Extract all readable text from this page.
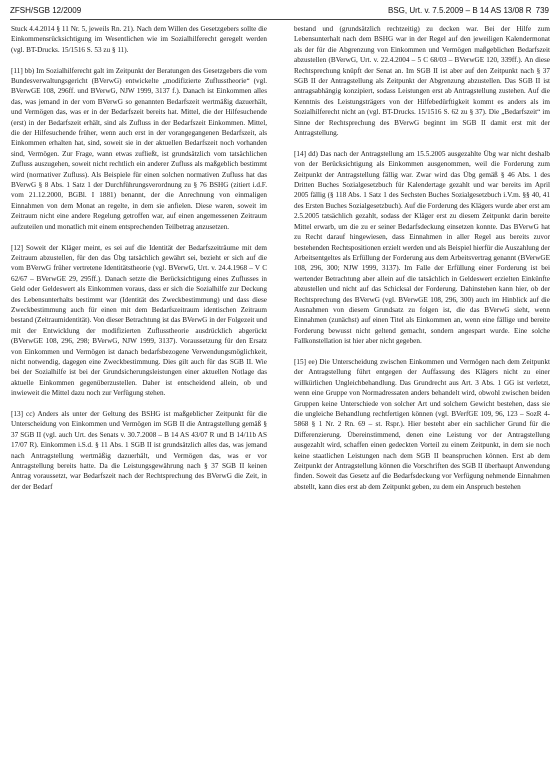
ZFSH/SGB 12/2009	BSG, Urt. v. 7.5.2009 – B 14 AS 13/08 R 739

Stuck 4.4.2014 § 11 Nr. 5, jeweils Rn. 21). Nach dem Willen des Gesetzgebers sollte die Einkommensrücksichtigung im Wesentlichen wie im Sozialhilferecht geregelt werden (vgl. BT-Drucks. 15/1516 S. 53 zu § 11).

[11] bb) Im Sozialhilferecht galt im Zeitpunkt der Beratungen des Gesetzgebers die vom Bundesverwaltungsgericht (BVerwG) entwickelte „modifizierte Zuflusstheorie“ (vgl. BVerwGE 108, 296ff. und BVerwG, NJW 1999, 3137 f.). Danach ist Einkommen alles das, was jemand in der vom BVerwG so genannten Bedarfszeit wertmäßig dazuerhält, und Vermögen das, was er in der Bedarfszeit bereits hat. Mittel, die der Hilfesuchende (erst) in der Bedarfszeit erhält, sind als Zufluss in der Bedarfszeit Einkommen. Mittel, die der Hilfesuchende früher, wenn auch erst in der vorangegangenen Bedarfszeit, als Einkommen erhalten hat, sind, soweit sie in der aktuellen Bedarfszeit noch vorhanden sind, Vermögen. Zur Frage, wann etwas zufließt, ist grundsätzlich vom tatsächlichen Zufluss auszugehen, soweit nicht rechtlich ein anderer Zufluss als maßgeblich bestimmt wird (normativer Zufluss). Als Beispiele für einen solchen normativen Zufluss hat das BVerwG § 8 Abs. 1 Satz 1 der Durchführungsverordnung zu § 76 BSHG (zitiert i.d.F. vom 21.12.2000, BGBl. I 1881) benannt, der die Anrechnung von einmaligen Einnahmen von dem Monat an regelte, in dem sie anfielen. Diese waren, soweit im Zeitraum nicht eine andere Regelung getroffen war, auf einen angemessenen Zeitraum aufzuteilen und monatlich mit einem entsprechenden Teilbetrag anzusetzen.

[12] Soweit der Kläger meint, es sei auf die Identität der Bedarfszeiträume mit dem Zeitraum abzustellen, für den das Übg tatsächlich gewährt sei, bezieht er sich auf die vom BVerwG früher vertretene Identitätstheorie (vgl. BVerwG, Urt. v. 24.4.1968 – V C 62/67 – BVerwGE 29, 295ff.). Danach setzte die Berücksichtigung eines Zuflusses in Geld oder Geldeswert als Einkommen voraus, dass er sich die Sozialhilfe zur Deckung des Lebensunterhalts bestimmt war (Identität des Zweckbestimmung) und dass diese Zweckbestimmung auch für einen mit dem Bedarfszeitraum identischen Zeitraum bestand (Zeitraumidentität). Von dieser Betrachtung ist das BVerwG in der Folgezeit und mit der Entwicklung der modifizierten Zuflusstheorie ausdrücklich abgerückt (BVerwGE 108, 296, 298; BVerwG, NJW 1999, 3137). Voraussetzung für den Ersatz von Einkommen und Vermögen ist danach bedarfsbezogene Verwendungsmöglichkeit, nicht notwendig, dagegen eine Zweckbestimmung. Dies gilt auch für das SGB II. Wie bei der Sozialhilfe ist bei der Grundsicherungsleistungen einer aktuellen Notlage das aktuelle Einkommen gegenüberzustellen. Daher ist entscheidend allein, ob und inwieweit die Mittel dazu noch zur Verfügung stehen.

[13] cc) Anders als unter der Geltung des BSHG ist maßgeblicher Zeitpunkt für die Unterscheidung von Einkommen und Vermögen im SGB II die Antragstellung gemäß § 37 SGB II (vgl. auch Urt. des Senats v. 30.7.2008 – B 14 AS 43/07 R und B 14/11b AS 17/07 R). Einkommen i.S.d. § 11 Abs. 1 SGB II ist grundsätzlich alles das, was jemand nach Antragstellung wertmäßig dazuerhält, und Vermögen das, was er vor Antragstellung bereits hatte. Da die Leistungsgewährung nach § 37 SGB II keinen Antrag voraussetzt, war Bedarfszeit nach der Rechtsprechung des BVerwG die Zeit, in der der Bedarf

bestand und (grundsätzlich rechtzeitig) zu decken war. Bei der Hilfe zum Lebensunterhalt nach dem BSHG war in der Regel auf den jeweiligen Kalendermonat als der für die Abgrenzung von Einkommen und Vermögen maßgeblichen Bedarfszeit abzustellen (BVerwG, Urt. v. 22.4.2004 – 5 C 68/03 – BVerwGE 120, 339ff.). An diese Rechtsprechung knüpft der Senat an. Im SGB II ist aber auf den Zeitpunkt nach § 37 SGB II der Antragstellung als Zeitpunkt der Abgrenzung abzustellen. Das SGB II ist antragsabhängig konzipiert, sodass Leistungen erst ab Antragstellung zustehen. Auf die Kenntnis des Leistungsträgers von der Hilfebedürftigkeit kommt es anders als im Sozialhilferecht nicht an (vgl. BT-Drucks. 15/1516 S. 62 zu § 37). Die „Bedarfszeit“ im Sinne der Rechtsprechung des BVerwG beginnt im SGB II damit erst mit der Antragstellung.

[14] dd) Das nach der Antragstellung am 15.5.2005 ausgezahlte Übg war nicht deshalb von der Berücksichtigung als Einkommen ausgenommen, weil die Forderung zum Zeitpunkt der Antragstellung fällig war. Zwar wird das Übg gemäß § 46 Abs. 1 des Dritten Buches Sozialgesetzbuch für Kalendertage gezahlt und war bereits im April 2005 fällig (§ 118 Abs. 1 Satz 1 des Sechsten Buches Sozialgesetzbuch i.V.m. §§ 40, 41 des Ersten Buches Sozialgesetzbuch). Auf die Forderung des Klägers wurde aber erst am 2.5.2005 tatsächlich gezahlt, sodass der Kläger erst zu diesem Zeitpunkt darin bereite Mittel erwarb, um die zu er seiner Bedarfsdeckung einsetzen konnte. Das BVerwG hat zu Recht darauf hingewiesen, dass Einnahmen in aller Regel aus bereits zuvor bestehenden Rechtspositionen erzielt werden und als Beispiel hierfür die Auszahlung der Arbeitsentgeltes als Erfüllung der Forderung aus dem Arbeitsvertrag genannt (BVerwGE 108, 296, 300; NJW 1999, 3137). Im Falle der Erfüllung einer Forderung ist bei wertender Betrachtung aber allein auf die tatsächlich in Geldeswert erzielten Einkünfte abzustellen und nicht auf das Schicksal der Forderung. Dahinstehen kann hier, ob der Rechtsprechung des BVerwG (vgl. BVerwGE 108, 296, 300) auch im Hinblick auf die Ausnahmen von diesem Grundsatz zu folgen ist, die das BVerwG sieht, wenn Einnahmen (zunächst) auf einen Titel als Einkommen an, wenn eine fällige und bereite Forderung bewusst nicht geltend gemacht, sondern angespart wurde. Eine solche Fallkonstellation ist hier aber nicht gegeben.

[15] ee) Die Unterscheidung zwischen Einkommen und Vermögen nach dem Zeitpunkt der Antragstellung führt entgegen der Auffassung des Klägers nicht zu einer willkürlichen Ungleichbehandlung. Das Grundrecht aus Art. 3 Abs. 1 GG ist verletzt, wenn eine Gruppe von Normadressaten anders behandelt wird, obwohl zwischen beiden Gruppen keine Unterschiede von solcher Art und solchem Gewicht bestehen, dass sie die ungleiche Behandlung rechtfertigen können (vgl. BVerfGE 109, 96, 123 – SozR 4-5868 § 1 Nr. 2 Rn. 69 – st. Rspr.). Hier besteht aber ein sachlicher Grund für die Differenzierung. Übereinstimmend, denen eine Leistung vor der Antragstellung ausgezahlt wird, schaffen einen gedeckten Vorteil zu einem Zeitpunkt, in dem sie noch keine staatlichen Leistungen nach dem SGB II beanspruchen können. Erst ab dem Zeitpunkt der Antragstellung können die Vorschriften des SGB II überhaupt Anwendung finden. Soweit das Gesetz auf die Bedarfsdeckung vor Verfügung nehmende Einnahmen abstellt, kann dies erst ab dem Zeitpunkt geben, zu dem ein Anspruch bestehen
